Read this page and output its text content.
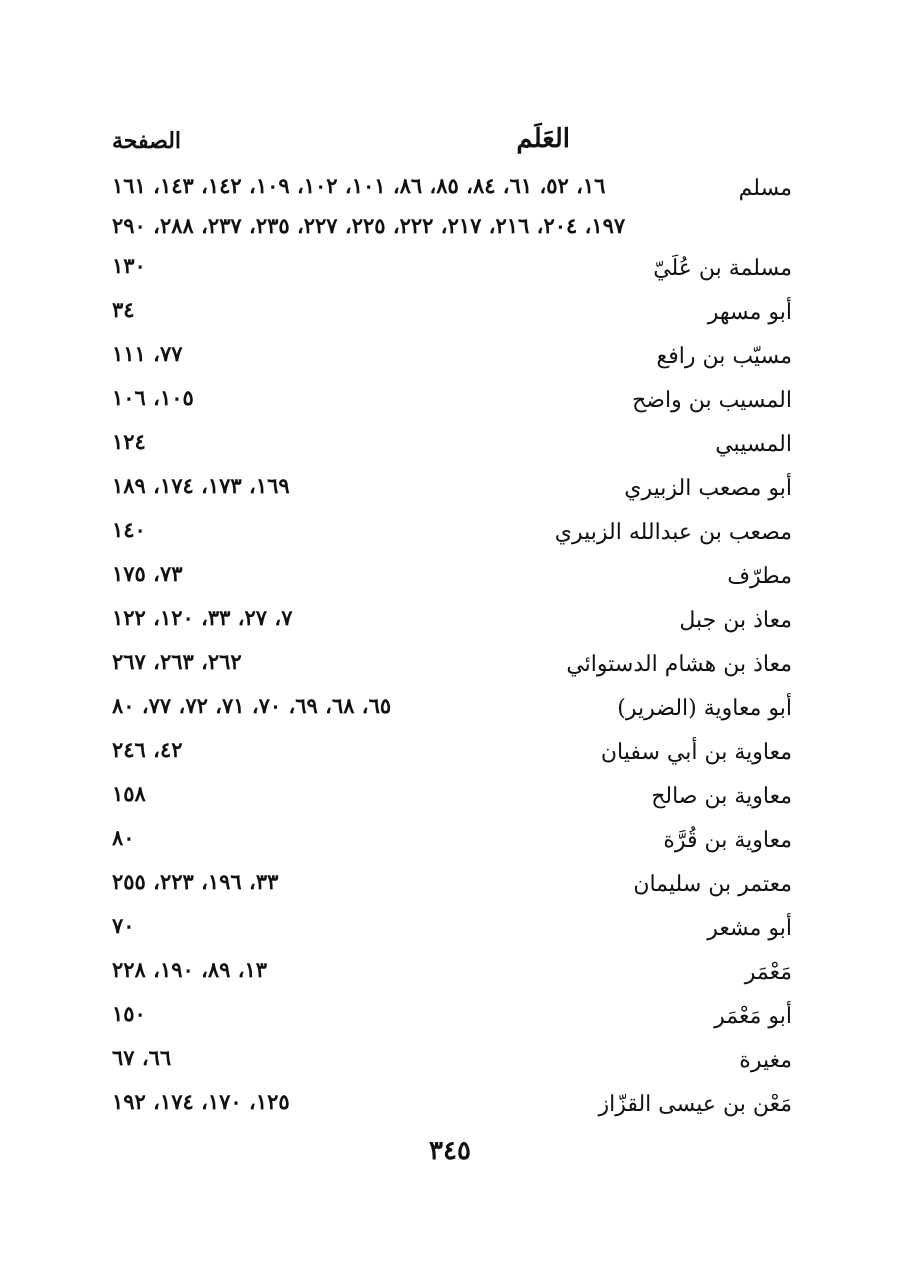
العَلَم
الصفحة
مسلم
١٦، ٥٢، ٦١، ٨٤، ٨٥، ٨٦، ١٠١، ١٠٢، ١٠٩، ١٤٢، ١٤٣، ١٦١
١٩٧، ٢٠٤، ٢١٦، ٢١٧، ٢٢٢، ٢٢٥، ٢٢٧، ٢٣٥، ٢٣٧، ٢٨٨، ٢٩٠
مسلمة بن عُلَيّ
١٣٠
أبو مسهر
٣٤
مسيّب بن رافع
٧٧، ١١١
المسيب بن واضح
١٠٥، ١٠٦
المسيبي
١٢٤
أبو مصعب الزبيري
١٦٩، ١٧٣، ١٧٤، ١٨٩
مصعب بن عبدالله الزبيري
١٤٠
مطرّف
٧٣، ١٧٥
معاذ بن جبل
٧، ٢٧، ٣٣، ١٢٠، ١٢٢
معاذ بن هشام الدستوائي
٢٦٢، ٢٦٣، ٢٦٧
أبو معاوية (الضرير)
٦٥، ٦٨، ٦٩، ٧٠، ٧١، ٧٢، ٧٧، ٨٠
معاوية بن أبي سفيان
٤٢، ٢٤٦
معاوية بن صالح
١٥٨
معاوية بن قُرَّة
٨٠
معتمر بن سليمان
٣٣، ١٩٦، ٢٢٣، ٢٥٥
أبو مشعر
٧٠
مَعْمَر
١٣، ٨٩، ١٩٠، ٢٢٨
أبو مَعْمَر
١٥٠
مغيرة
٦٦، ٦٧
مَعْن بن عيسى القزّاز
١٢٥، ١٧٠، ١٧٤، ١٩٢
٣٤٥
